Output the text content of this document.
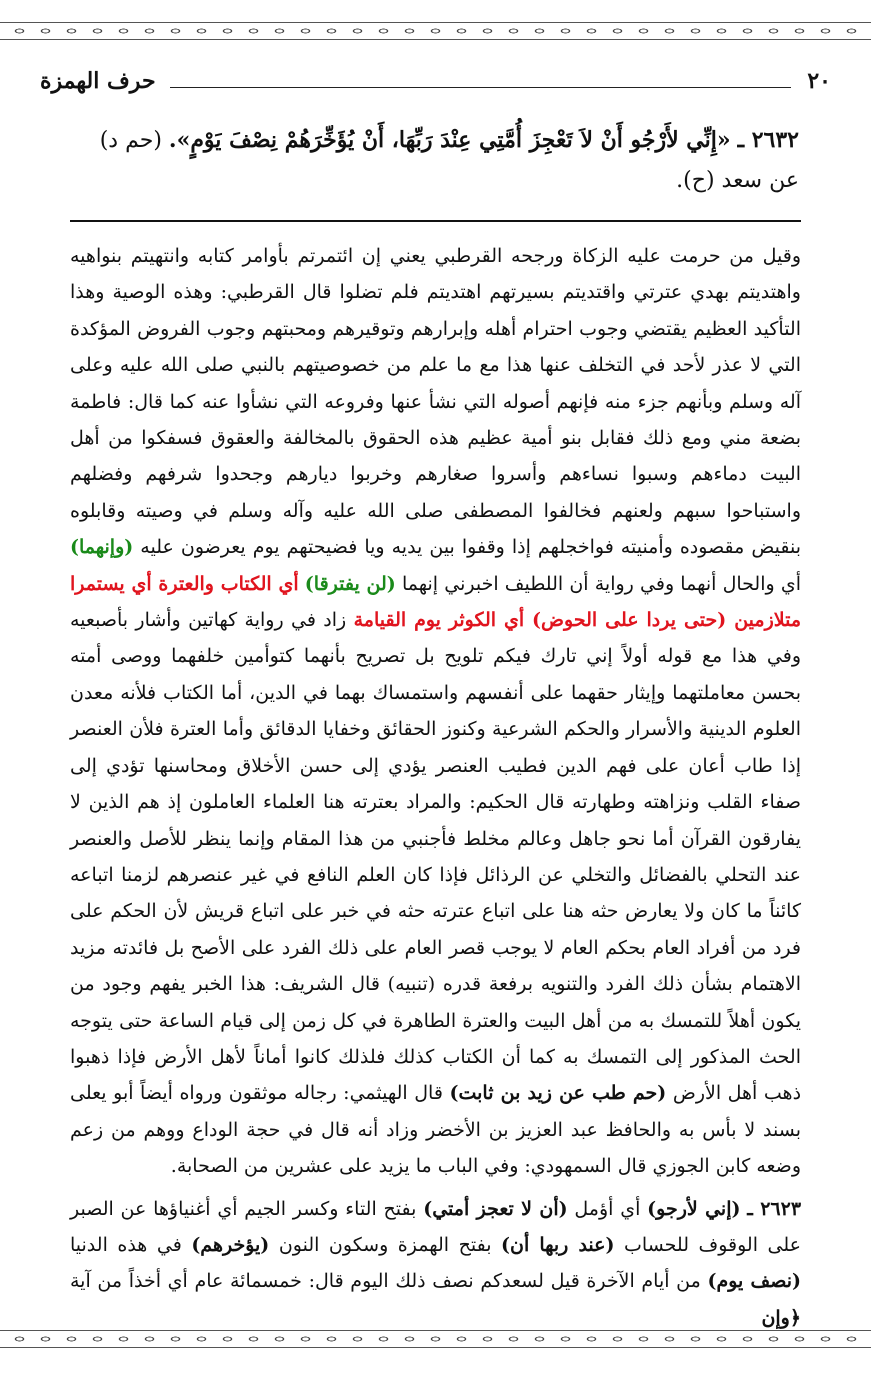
٢٠
حرف الهمزة
٢٦٣٢ ـ «إِنِّي لأَرْجُو أَنْ لاَ تَعْجِزَ أُمَّتِي عِنْدَ رَبِّهَا، أَنْ يُؤَخِّرَهُمْ نِصْفَ يَوْمٍ». (حم د) عن سعد (ح).

وقيل من حرمت عليه الزكاة ورجحه القرطبي يعني إن ائتمرتم بأوامر كتابه وانتهيتم بنواهيه واهتديتم بهدي عترتي واقتديتم بسيرتهم اهتديتم فلم تضلوا قال القرطبي: وهذه الوصية وهذا التأكيد العظيم يقتضي وجوب احترام أهله وإبرارهم وتوقيرهم ومحبتهم وجوب الفروض المؤكدة التي لا عذر لأحد في التخلف عنها هذا مع ما علم من خصوصيتهم بالنبي صلى الله عليه وعلى آله وسلم وبأنهم جزء منه فإنهم أصوله التي نشأ عنها وفروعه التي نشأوا عنه كما قال: فاطمة بضعة مني ومع ذلك فقابل بنو أمية عظيم هذه الحقوق بالمخالفة والعقوق فسفكوا من أهل البيت دماءهم وسبوا نساءهم وأسروا صغارهم وخربوا ديارهم وجحدوا شرفهم وفضلهم واستباحوا سبهم ولعنهم فخالفوا المصطفى صلى الله عليه وآله وسلم في وصيته وقابلوه بنقيض مقصوده وأمنيته فواخجلهم إذا وقفوا بين يديه ويا فضيحتهم يوم يعرضون عليه (وإنهما) أي والحال أنهما وفي رواية أن اللطيف اخبرني إنهما (لن يفترقا) أي الكتاب والعترة أي يستمرا متلازمين (حتى يردا على الحوض) أي الكوثر يوم القيامة زاد في رواية كهاتين وأشار بأصبعيه وفي هذا مع قوله أولاً إني تارك فيكم تلويح بل تصريح بأنهما كتوأمين خلفهما ووصى أمته بحسن معاملتهما وإيثار حقهما على أنفسهم واستمساك بهما في الدين، أما الكتاب فلأنه معدن العلوم الدينية والأسرار والحكم الشرعية وكنوز الحقائق وخفايا الدقائق وأما العترة فلأن العنصر إذا طاب أعان على فهم الدين فطيب العنصر يؤدي إلى حسن الأخلاق ومحاسنها تؤدي إلى صفاء القلب ونزاهته وطهارته قال الحكيم: والمراد بعترته هنا العلماء العاملون إذ هم الذين لا يفارقون القرآن أما نحو جاهل وعالم مخلط فأجنبي من هذا المقام وإنما ينظر للأصل والعنصر عند التحلي بالفضائل والتخلي عن الرذائل فإذا كان العلم النافع في غير عنصرهم لزمنا اتباعه كائناً ما كان ولا يعارض حثه هنا على اتباع عترته حثه في خبر على اتباع قريش لأن الحكم على فرد من أفراد العام بحكم العام لا يوجب قصر العام على ذلك الفرد على الأصح بل فائدته مزيد الاهتمام بشأن ذلك الفرد والتنويه برفعة قدره (تنبيه) قال الشريف: هذا الخبر يفهم وجود من يكون أهلاً للتمسك به من أهل البيت والعترة الطاهرة في كل زمن إلى قيام الساعة حتى يتوجه الحث المذكور إلى التمسك به كما أن الكتاب كذلك فلذلك كانوا أماناً لأهل الأرض فإذا ذهبوا ذهب أهل الأرض (حم طب عن زيد بن ثابت) قال الهيثمي: رجاله موثقون ورواه أيضاً أبو يعلى بسند لا بأس به والحافظ عبد العزيز بن الأخضر وزاد أنه قال في حجة الوداع ووهم من زعم وضعه كابن الجوزي قال السمهودي: وفي الباب ما يزيد على عشرين من الصحابة.

٢٦٢٣ ـ (إني لأرجو) أي أؤمل (أن لا تعجز أمتي) بفتح التاء وكسر الجيم أي أغنياؤها عن الصبر على الوقوف للحساب (عند ربها أن) بفتح الهمزة وسكون النون (يؤخرهم) في هذه الدنيا (نصف يوم) من أيام الآخرة قيل لسعدكم نصف ذلك اليوم قال: خمسمائة عام أي أخذاً من آية ﴿وإن
